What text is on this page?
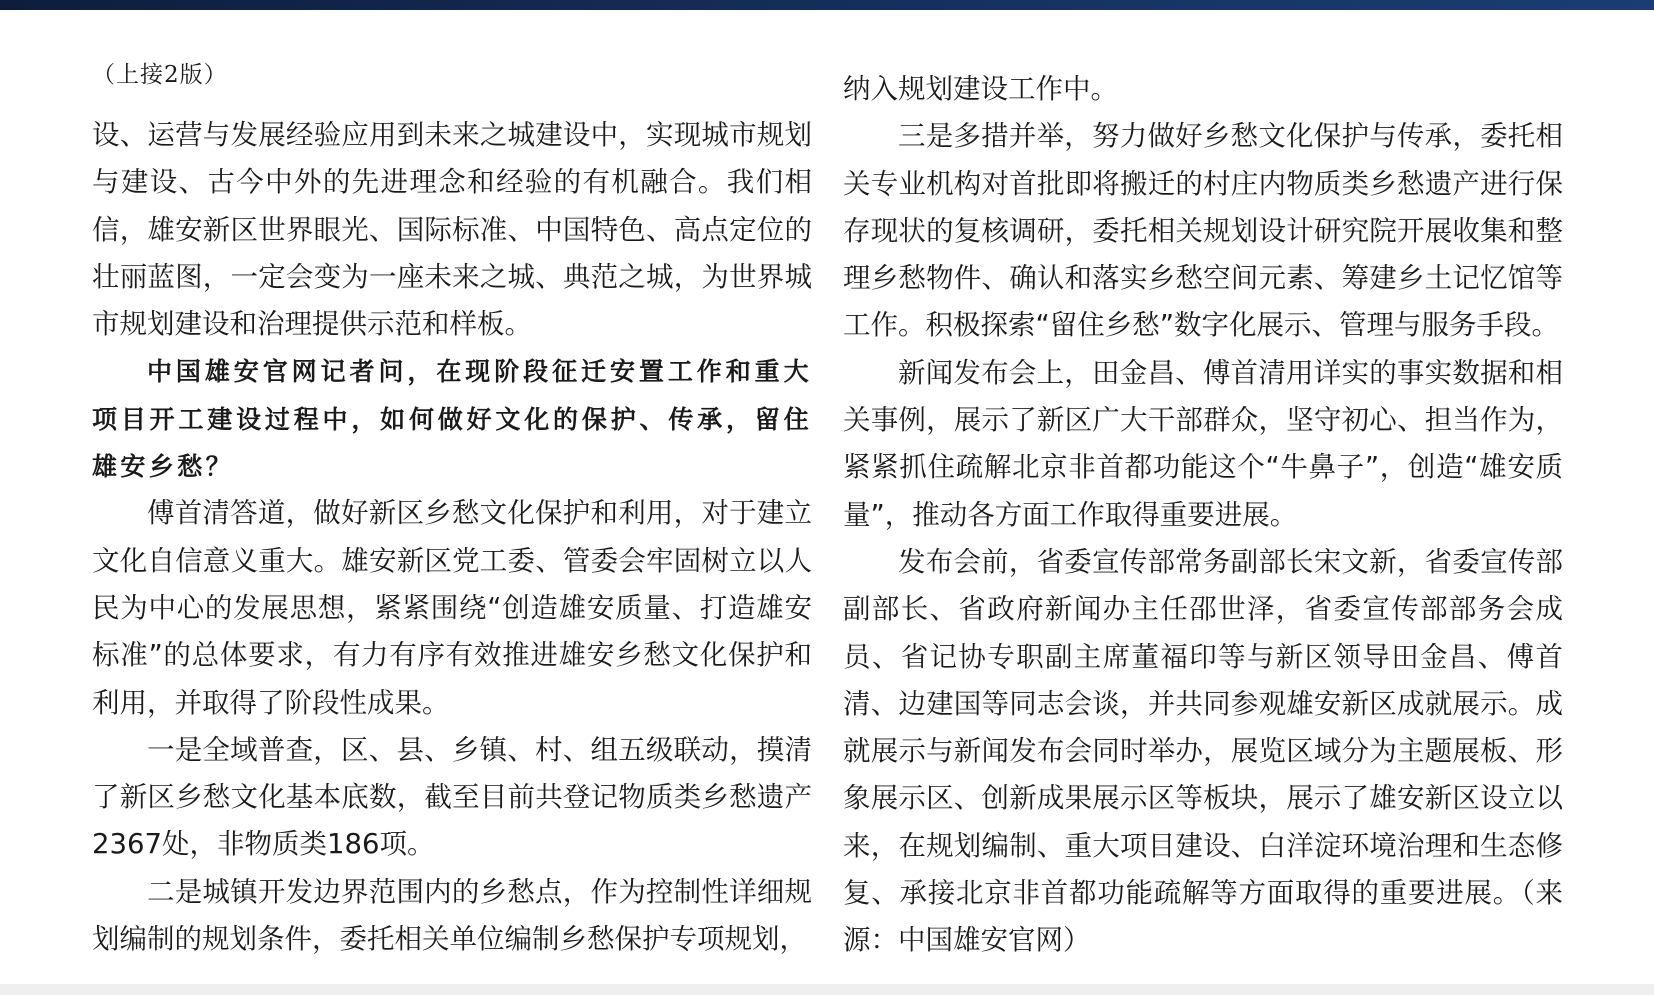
（上接2版）

设、运营与发展经验应用到未来之城建设中，实现城市规划与建设、古今中外的先进理念和经验的有机融合。我们相信，雄安新区世界眼光、国际标准、中国特色、高点定位的壮丽蓝图，一定会变为一座未来之城、典范之城，为世界城市规划建设和治理提供示范和样板。

中国雄安官网记者问，在现阶段征迁安置工作和重大项目开工建设过程中，如何做好文化的保护、传承，留住雄安乡愁？

傅首清答道，做好新区乡愁文化保护和利用，对于建立文化自信意义重大。雄安新区党工委、管委会牢固树立以人民为中心的发展思想，紧紧围绕“创造雄安质量、打造雄安标准”的总体要求，有力有序有效推进雄安乡愁文化保护和利用，并取得了阶段性成果。

一是全域普查，区、县、乡镇、村、组五级联动，摸清了新区乡愁文化基本底数，截至目前共登记物质类乡愁遗产2367处，非物质类186项。

二是城镇开发边界范围内的乡愁点，作为控制性详细规划编制的规划条件，委托相关单位编制乡愁保护专项规划，

纳入规划建设工作中。

三是多措并举，努力做好乡愁文化保护与传承，委托相关专业机构对首批即将搬迁的村庄内物质类乡愁遗产进行保存现状的复核调研，委托相关规划设计研究院开展收集和整理乡愁物件、确认和落实乡愁空间元素、筹建乡土记忆馆等工作。积极探索“留住乡愁”数字化展示、管理与服务手段。

新闻发布会上，田金昌、傅首清用详实的事实数据和相关事例，展示了新区广大干部群众，坚守初心、担当作为，紧紧抓住疏解北京非首都功能这个“牛鼻子”，创造“雄安质量”，推动各方面工作取得重要进展。

发布会前，省委宣传部常务副部长宋文新，省委宣传部副部长、省政府新闻办主任邵世泽，省委宣传部部务会成员、省记协专职副主席董福印等与新区领导田金昌、傅首清、边建国等同志会谈，并共同参观雄安新区成就展示。成就展示与新闻发布会同时举办，展览区域分为主题展板、形象展示区、创新成果展示区等板块，展示了雄安新区设立以来，在规划编制、重大项目建设、白洋淀环境治理和生态修复、承接北京非首都功能疏解等方面取得的重要进展。（来源：中国雄安官网）
